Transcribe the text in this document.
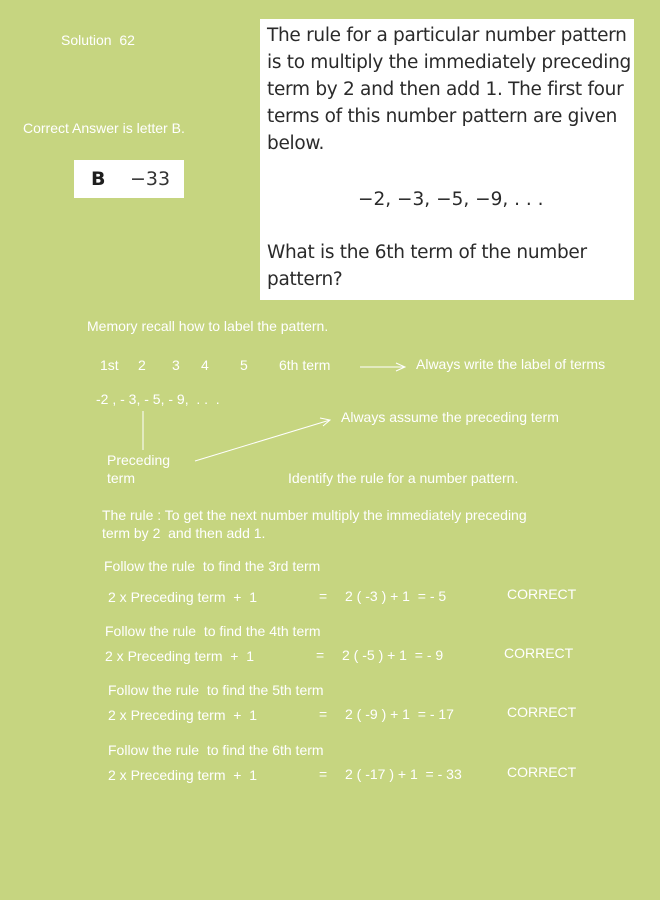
Solution  62
Correct Answer is letter B.
B −33
The rule for a particular number pattern is to multiply the immediately preceding term by 2 and then add 1. The first four terms of this number pattern are given below.
−2, −3, −5, −9, . . .
What is the 6th term of the number pattern?
Memory recall how to label the pattern.
1st 2 3 4 5 6th term	Always write the label of terms
-2 , - 3, - 5, - 9,  . .  .
Always assume the preceding term
Preceding
term	Identify the rule for a number pattern.
The rule : To get the next number multiply the immediately preceding
term by 2  and then add 1.
Follow the rule  to find the 3rd term
2 x Preceding term  +  1	= 2 ( -3 ) + 1  = - 5	CORRECT
Follow the rule  to find the 4th term
2 x Preceding term  +  1	= 2 ( -5 ) + 1  = - 9	CORRECT
Follow the rule  to find the 5th term
2 x Preceding term  +  1	= 2 ( -9 ) + 1  = - 17	CORRECT
Follow the rule  to find the 6th term
2 x Preceding term  +  1	= 2 ( -17 ) + 1  = - 33	CORRECT
